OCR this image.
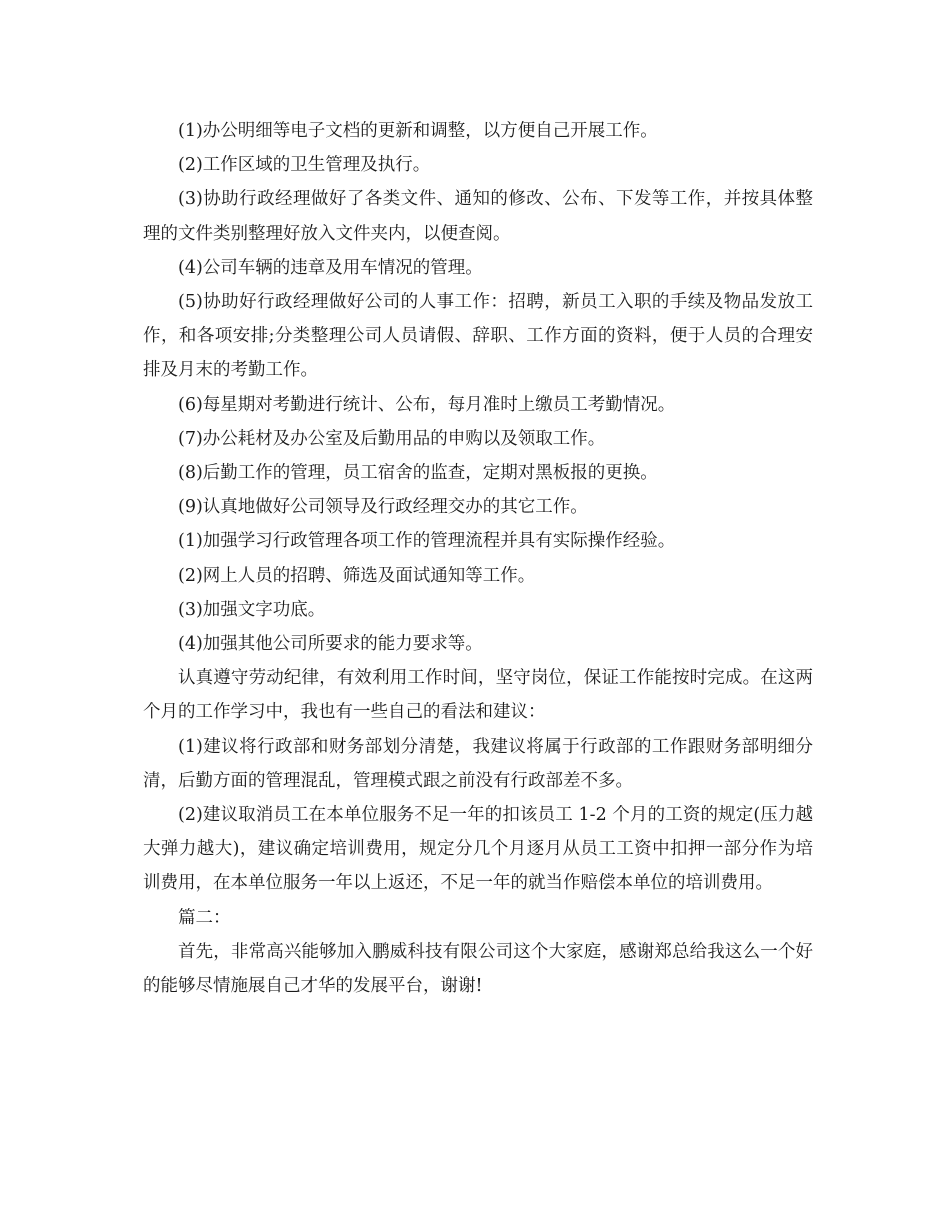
(1)办公明细等电子文档的更新和调整，以方便自己开展工作。

(2)工作区域的卫生管理及执行。

(3)协助行政经理做好了各类文件、通知的修改、公布、下发等工作，并按具体整理的文件类别整理好放入文件夹内，以便查阅。

(4)公司车辆的违章及用车情况的管理。

(5)协助好行政经理做好公司的人事工作：招聘，新员工入职的手续及物品发放工作，和各项安排;分类整理公司人员请假、辞职、工作方面的资料，便于人员的合理安排及月末的考勤工作。

(6)每星期对考勤进行统计、公布，每月准时上缴员工考勤情况。

(7)办公耗材及办公室及后勤用品的申购以及领取工作。

(8)后勤工作的管理，员工宿舍的监查，定期对黑板报的更换。

(9)认真地做好公司领导及行政经理交办的其它工作。

(1)加强学习行政管理各项工作的管理流程并具有实际操作经验。

(2)网上人员的招聘、筛选及面试通知等工作。

(3)加强文字功底。

(4)加强其他公司所要求的能力要求等。

认真遵守劳动纪律，有效利用工作时间，坚守岗位，保证工作能按时完成。在这两个月的工作学习中，我也有一些自己的看法和建议：

(1)建议将行政部和财务部划分清楚，我建议将属于行政部的工作跟财务部明细分清，后勤方面的管理混乱，管理模式跟之前没有行政部差不多。

(2)建议取消员工在本单位服务不足一年的扣该员工 1-2 个月的工资的规定(压力越大弹力越大)，建议确定培训费用，规定分几个月逐月从员工工资中扣押一部分作为培训费用，在本单位服务一年以上返还，不足一年的就当作赔偿本单位的培训费用。

篇二：

首先，非常高兴能够加入鹏威科技有限公司这个大家庭，感谢郑总给我这么一个好的能够尽情施展自己才华的发展平台，谢谢!
